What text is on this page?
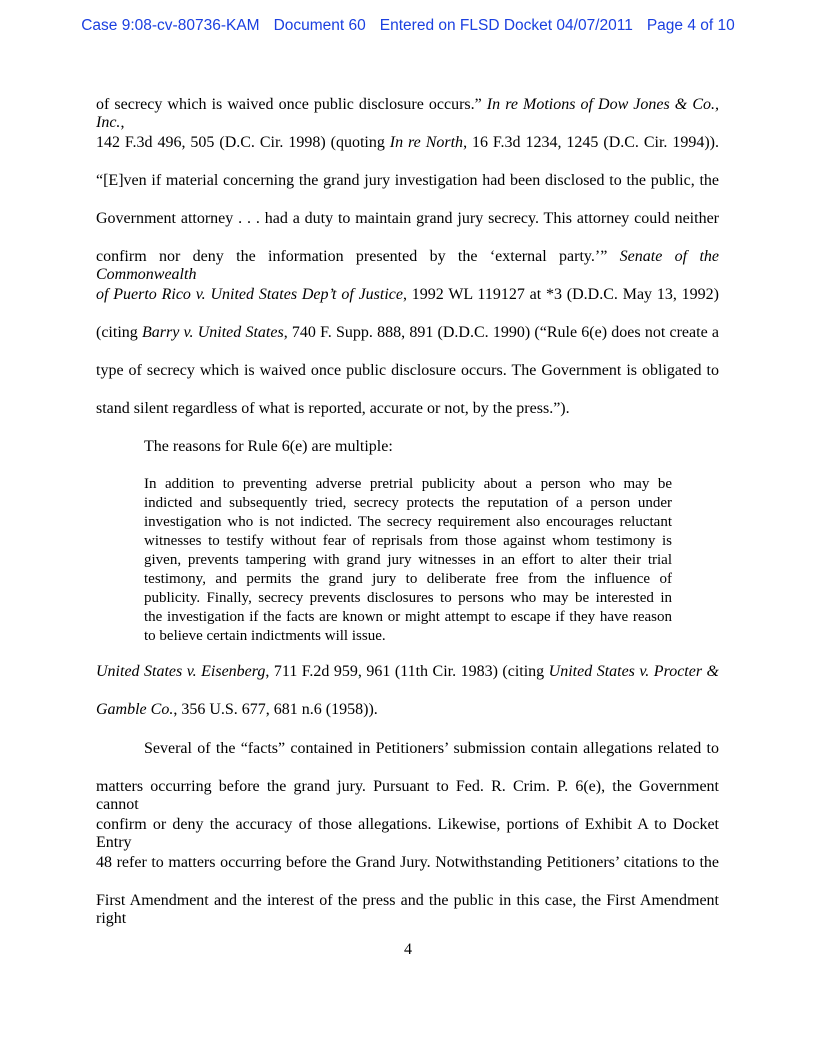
Case 9:08-cv-80736-KAM Document 60 Entered on FLSD Docket 04/07/2011 Page 4 of 10
of secrecy which is waived once public disclosure occurs.” In re Motions of Dow Jones & Co., Inc.,
142 F.3d 496, 505 (D.C. Cir. 1998) (quoting In re North, 16 F.3d 1234, 1245 (D.C. Cir. 1994)).
“[E]ven if material concerning the grand jury investigation had been disclosed to the public, the
Government attorney . . . had a duty to maintain grand jury secrecy. This attorney could neither
confirm nor deny the information presented by the ‘external party.’” Senate of the Commonwealth
of Puerto Rico v. United States Dep’t of Justice, 1992 WL 119127 at *3 (D.D.C. May 13, 1992)
(citing Barry v. United States, 740 F. Supp. 888, 891 (D.D.C. 1990) (“Rule 6(e) does not create a
type of secrecy which is waived once public disclosure occurs. The Government is obligated to
stand silent regardless of what is reported, accurate or not, by the press.”).
The reasons for Rule 6(e) are multiple:
In addition to preventing adverse pretrial publicity about a person who may be
indicted and subsequently tried, secrecy protects the reputation of a person under
investigation who is not indicted. The secrecy requirement also encourages reluctant
witnesses to testify without fear of reprisals from those against whom testimony is
given, prevents tampering with grand jury witnesses in an effort to alter their trial
testimony, and permits the grand jury to deliberate free from the influence of
publicity. Finally, secrecy prevents disclosures to persons who may be interested in
the investigation if the facts are known or might attempt to escape if they have reason
to believe certain indictments will issue.
United States v. Eisenberg, 711 F.2d 959, 961 (11th Cir. 1983) (citing United States v. Procter &
Gamble Co., 356 U.S. 677, 681 n.6 (1958)).
Several of the “facts” contained in Petitioners’ submission contain allegations related to
matters occurring before the grand jury. Pursuant to Fed. R. Crim. P. 6(e), the Government cannot
confirm or deny the accuracy of those allegations. Likewise, portions of Exhibit A to Docket Entry
48 refer to matters occurring before the Grand Jury. Notwithstanding Petitioners’ citations to the
First Amendment and the interest of the press and the public in this case, the First Amendment right
4
